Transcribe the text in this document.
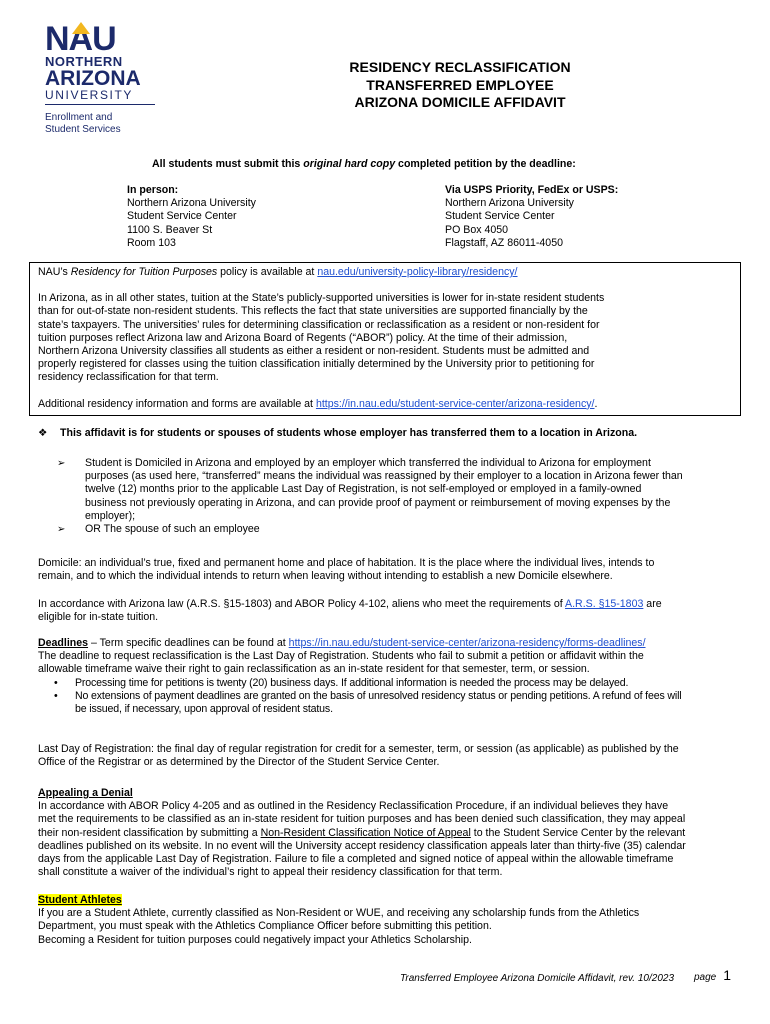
NAU
NORTHERN
ARIZONA
UNIVERSITY
Enrollment and
Student Services
RESIDENCY RECLASSIFICATION
TRANSFERRED EMPLOYEE
ARIZONA DOMICILE AFFIDAVIT
All students must submit this original hard copy completed petition by the deadline:
In person:
Northern Arizona University
Student Service Center
1100 S. Beaver St
Room 103
Via USPS Priority, FedEx or USPS:
Northern Arizona University
Student Service Center
PO Box 4050
Flagstaff, AZ 86011-4050
NAU’s Residency for Tuition Purposes policy is available at nau.edu/university-policy-library/residency/
In Arizona, as in all other states, tuition at the State’s publicly-supported universities is lower for in-state resident students
than for out-of-state non-resident students. This reflects the fact that state universities are supported financially by the
state’s taxpayers. The universities’ rules for determining classification or reclassification as a resident or non-resident for
tuition purposes reflect Arizona law and Arizona Board of Regents (“ABOR”) policy. At the time of their admission,
Northern Arizona University classifies all students as either a resident or non-resident. Students must be admitted and
properly registered for classes using the tuition classification initially determined by the University prior to petitioning for
residency reclassification for that term.
Additional residency information and forms are available at https://in.nau.edu/student-service-center/arizona-residency/.
❖ This affidavit is for students or spouses of students whose employer has transferred them to a location in Arizona.
➢ Student is Domiciled in Arizona and employed by an employer which transferred the individual to Arizona for employment
purposes (as used here, “transferred” means the individual was reassigned by their employer to a location in Arizona fewer than
twelve (12) months prior to the applicable Last Day of Registration, is not self-employed or employed in a family-owned
business not previously operating in Arizona, and can provide proof of payment or reimbursement of moving expenses by the
employer);
➢ OR The spouse of such an employee
Domicile: an individual’s true, fixed and permanent home and place of habitation. It is the place where the individual lives, intends to
remain, and to which the individual intends to return when leaving without intending to establish a new Domicile elsewhere.
In accordance with Arizona law (A.R.S. §15-1803) and ABOR Policy 4-102, aliens who meet the requirements of A.R.S. §15-1803 are
eligible for in-state tuition.
Deadlines – Term specific deadlines can be found at https://in.nau.edu/student-service-center/arizona-residency/forms-deadlines/
The deadline to request reclassification is the Last Day of Registration. Students who fail to submit a petition or affidavit within the
allowable timeframe waive their right to gain reclassification as an in-state resident for that semester, term, or session.
• Processing time for petitions is twenty (20) business days. If additional information is needed the process may be delayed.
• No extensions of payment deadlines are granted on the basis of unresolved residency status or pending petitions. A refund of fees will
be issued, if necessary, upon approval of resident status.
Last Day of Registration: the final day of regular registration for credit for a semester, term, or session (as applicable) as published by the
Office of the Registrar or as determined by the Director of the Student Service Center.
Appealing a Denial
In accordance with ABOR Policy 4-205 and as outlined in the Residency Reclassification Procedure, if an individual believes they have
met the requirements to be classified as an in-state resident for tuition purposes and has been denied such classification, they may appeal
their non-resident classification by submitting a Non-Resident Classification Notice of Appeal to the Student Service Center by the relevant
deadlines published on its website. In no event will the University accept residency classification appeals later than thirty-five (35) calendar
days from the applicable Last Day of Registration. Failure to file a completed and signed notice of appeal within the allowable timeframe
shall constitute a waiver of the individual’s right to appeal their residency classification for that term.
Student Athletes
If you are a Student Athlete, currently classified as Non-Resident or WUE, and receiving any scholarship funds from the Athletics
Department, you must speak with the Athletics Compliance Officer before submitting this petition.
Becoming a Resident for tuition purposes could negatively impact your Athletics Scholarship.
Transferred Employee Arizona Domicile Affidavit, rev. 10/2023	page 1
